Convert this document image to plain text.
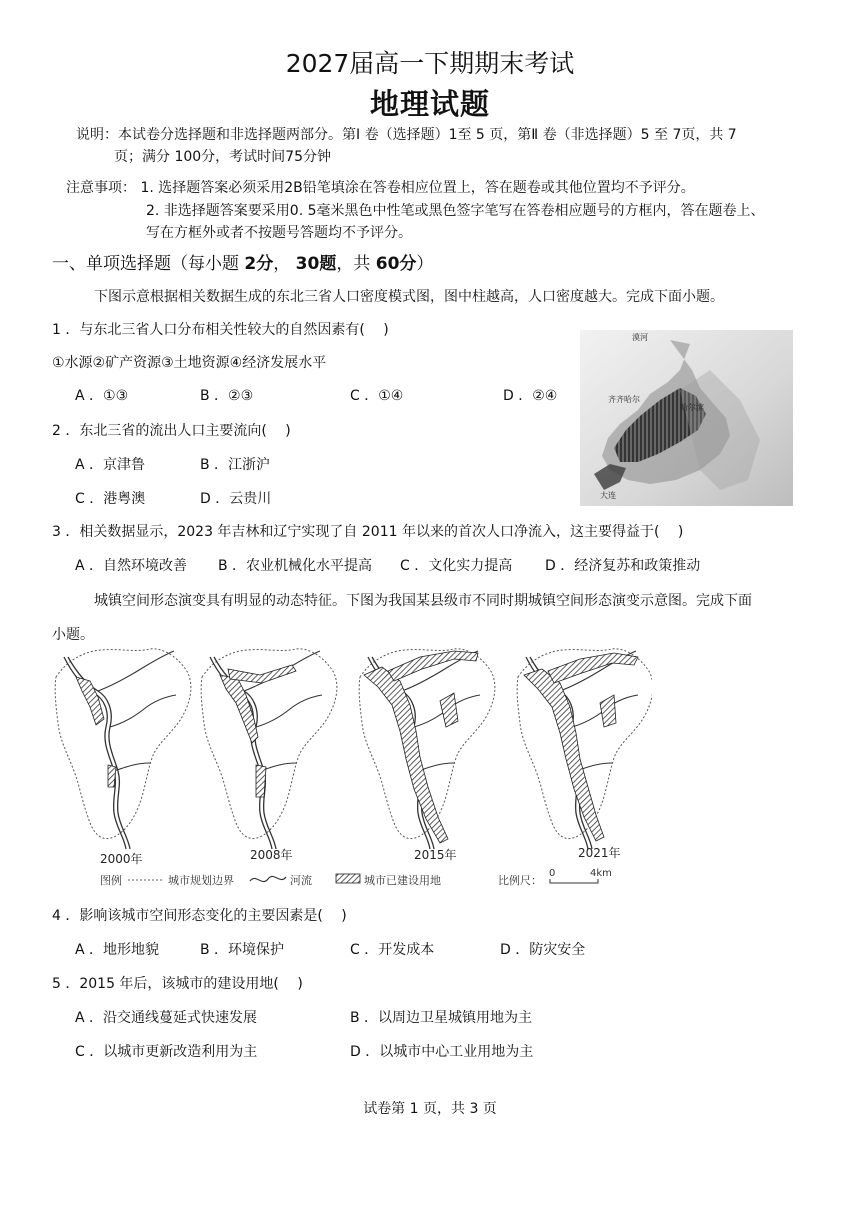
2027届高一下期期末考试
地理试题
说明：本试卷分选择题和非选择题两部分。第Ⅰ 卷（选择题）1至 5 页，第Ⅱ 卷（非选择题）5 至 7页，共 7
页；满分 100分，考试时间75分钟
注意事项： 1. 选择题答案必须采用2B铅笔填涂在答卷相应位置上，答在题卷或其他位置均不予评分。
2. 非选择题答案要采用0. 5毫米黑色中性笔或黑色签字笔写在答卷相应题号的方框内，答在题卷上、
写在方框外或者不按题号答题均不予评分。
一、单项选择题（每小题 2分， 30题，共 60分）
下图示意根据相关数据生成的东北三省人口密度模式图，图中柱越高，人口密度越大。完成下面小题。
1 ．与东北三省人口分布相关性较大的自然因素有(　 )
①水源②矿产资源③土地资源④经济发展水平
A ．①③	B ．②③	C ．①④	D ．②④
2 ．东北三省的流出人口主要流向(　 )
A ．京津鲁	B ．江浙沪
C ．港粤澳	D ．云贵川
漠河
齐齐哈尔
哈尔滨
大连
3 ．相关数据显示，2023 年吉林和辽宁实现了自 2011 年以来的首次人口净流入，这主要得益于(　 )
A ．自然环境改善 B ．农业机械化水平提高 C ．文化实力提高 D ．经济复苏和政策推动
城镇空间形态演变具有明显的动态特征。下图为我国某县级市不同时期城镇空间形态演变示意图。完成下面
小题。
2000年	2008年	2015年	2021年
图例	城市规划边界	河流	城市已建设用地	比例尺：
0	4km
4 ．影响该城市空间形态变化的主要因素是(　 )
A ．地形地貌	B ．环境保护	C ．开发成本	D ．防灾安全
5 ．2015 年后，该城市的建设用地(　 )
A ．沿交通线蔓延式快速发展	B ．以周边卫星城镇用地为主
C ．以城市更新改造利用为主	D ．以城市中心工业用地为主
试卷第 1 页，共 3 页
